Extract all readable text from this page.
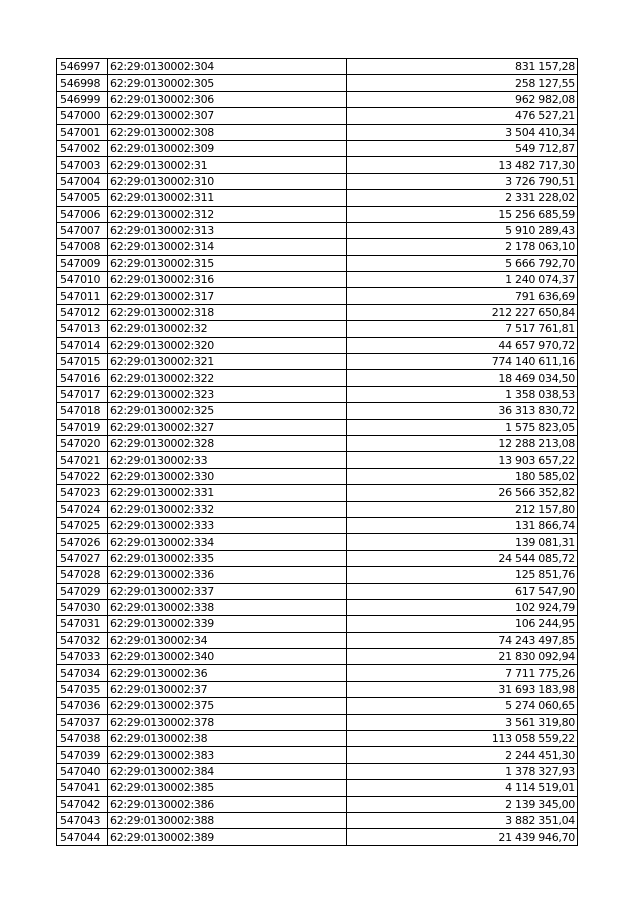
546997	62:29:0130002:304	831 157,28
546998	62:29:0130002:305	258 127,55
546999	62:29:0130002:306	962 982,08
547000	62:29:0130002:307	476 527,21
547001	62:29:0130002:308	3 504 410,34
547002	62:29:0130002:309	549 712,87
547003	62:29:0130002:31	13 482 717,30
547004	62:29:0130002:310	3 726 790,51
547005	62:29:0130002:311	2 331 228,02
547006	62:29:0130002:312	15 256 685,59
547007	62:29:0130002:313	5 910 289,43
547008	62:29:0130002:314	2 178 063,10
547009	62:29:0130002:315	5 666 792,70
547010	62:29:0130002:316	1 240 074,37
547011	62:29:0130002:317	791 636,69
547012	62:29:0130002:318	212 227 650,84
547013	62:29:0130002:32	7 517 761,81
547014	62:29:0130002:320	44 657 970,72
547015	62:29:0130002:321	774 140 611,16
547016	62:29:0130002:322	18 469 034,50
547017	62:29:0130002:323	1 358 038,53
547018	62:29:0130002:325	36 313 830,72
547019	62:29:0130002:327	1 575 823,05
547020	62:29:0130002:328	12 288 213,08
547021	62:29:0130002:33	13 903 657,22
547022	62:29:0130002:330	180 585,02
547023	62:29:0130002:331	26 566 352,82
547024	62:29:0130002:332	212 157,80
547025	62:29:0130002:333	131 866,74
547026	62:29:0130002:334	139 081,31
547027	62:29:0130002:335	24 544 085,72
547028	62:29:0130002:336	125 851,76
547029	62:29:0130002:337	617 547,90
547030	62:29:0130002:338	102 924,79
547031	62:29:0130002:339	106 244,95
547032	62:29:0130002:34	74 243 497,85
547033	62:29:0130002:340	21 830 092,94
547034	62:29:0130002:36	7 711 775,26
547035	62:29:0130002:37	31 693 183,98
547036	62:29:0130002:375	5 274 060,65
547037	62:29:0130002:378	3 561 319,80
547038	62:29:0130002:38	113 058 559,22
547039	62:29:0130002:383	2 244 451,30
547040	62:29:0130002:384	1 378 327,93
547041	62:29:0130002:385	4 114 519,01
547042	62:29:0130002:386	2 139 345,00
547043	62:29:0130002:388	3 882 351,04
547044	62:29:0130002:389	21 439 946,70
